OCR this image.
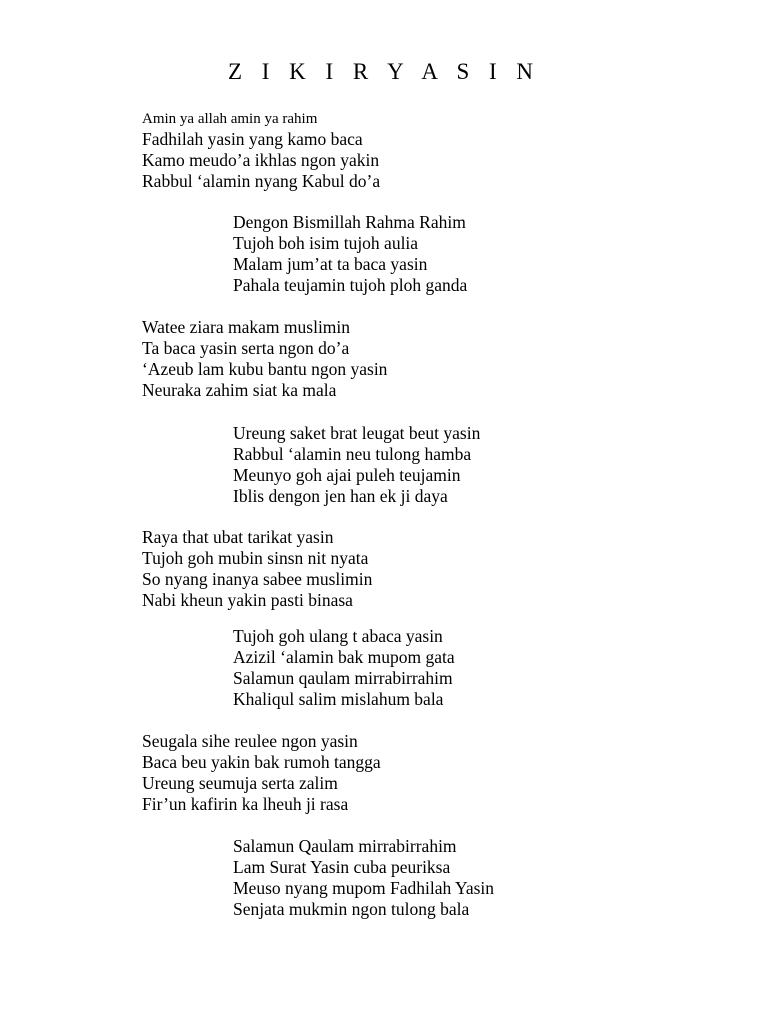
Z I K I R Y A S I N
Amin ya allah amin ya rahim
Fadhilah yasin yang kamo baca
Kamo meudo’a ikhlas ngon yakin
Rabbul ‘alamin nyang Kabul do’a
Dengon Bismillah Rahma Rahim
Tujoh boh isim tujoh aulia
Malam jum’at ta baca yasin
Pahala teujamin tujoh ploh ganda
Watee ziara makam muslimin
Ta baca yasin serta ngon do’a
‘Azeub lam kubu bantu ngon yasin
Neuraka zahim siat ka mala
Ureung saket brat leugat beut yasin
Rabbul ‘alamin neu tulong hamba
Meunyo goh ajai puleh teujamin
Iblis dengon jen han ek ji daya
Raya that ubat tarikat yasin
Tujoh goh mubin sinsn nit nyata
So nyang inanya sabee muslimin
Nabi kheun yakin pasti binasa
Tujoh goh ulang t abaca yasin
Azizil ‘alamin bak mupom gata
Salamun qaulam mirrabirrahim
Khaliqul salim mislahum bala
Seugala sihe reulee ngon yasin
Baca beu yakin bak rumoh tangga
Ureung seumuja serta zalim
Fir’un kafirin ka lheuh ji rasa
Salamun Qaulam mirrabirrahim
Lam Surat Yasin cuba peuriksa
Meuso nyang mupom Fadhilah Yasin
Senjata mukmin ngon tulong bala
